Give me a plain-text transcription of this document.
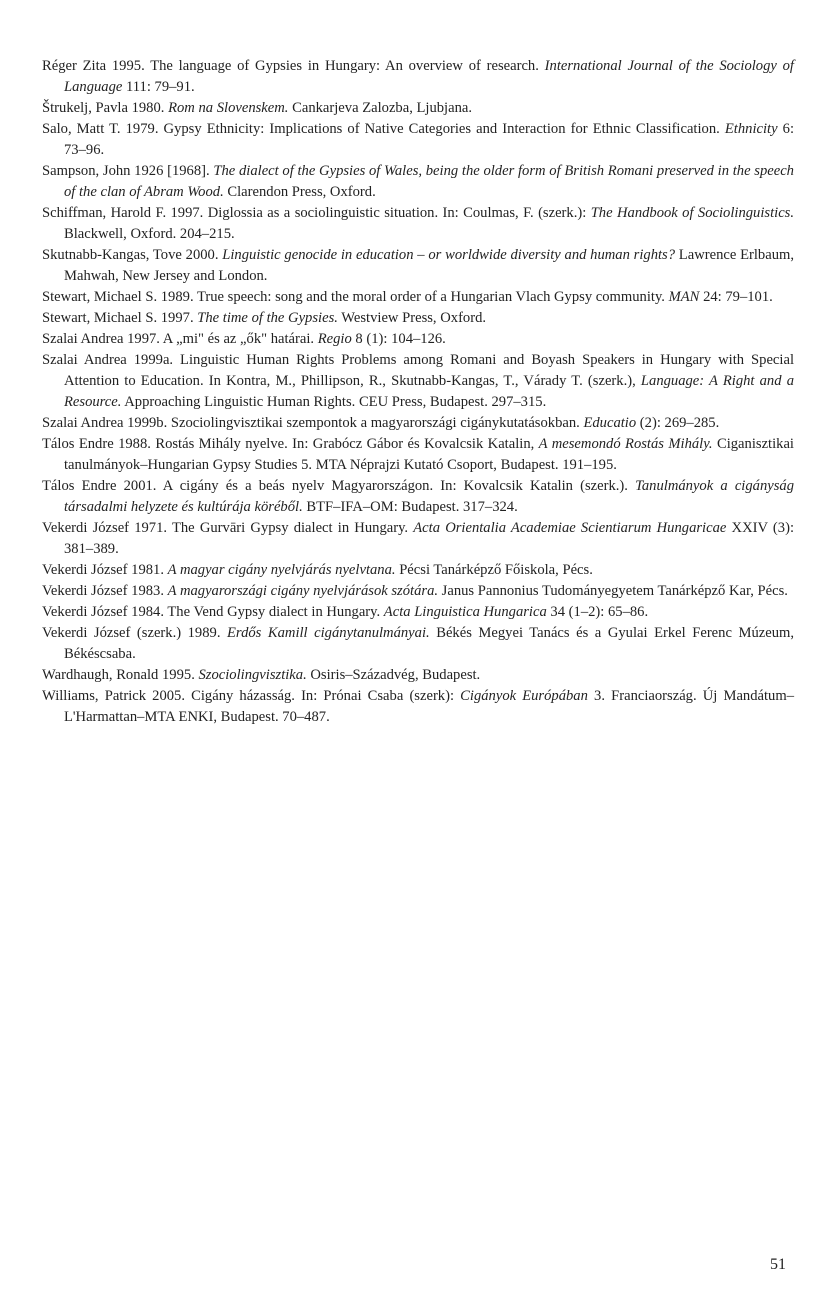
Réger Zita 1995. The language of Gypsies in Hungary: An overview of research. International Journal of the Sociology of Language 111: 79–91.

Štrukelj, Pavla 1980. Rom na Slovenskem. Cankarjeva Zalozba, Ljubjana.

Salo, Matt T. 1979. Gypsy Ethnicity: Implications of Native Categories and Interaction for Ethnic Classification. Ethnicity 6: 73–96.

Sampson, John 1926 [1968]. The dialect of the Gypsies of Wales, being the older form of British Romani preserved in the speech of the clan of Abram Wood. Clarendon Press, Oxford.

Schiffman, Harold F. 1997. Diglossia as a sociolinguistic situation. In: Coulmas, F. (szerk.): The Handbook of Sociolinguistics. Blackwell, Oxford. 204–215.

Skutnabb-Kangas, Tove 2000. Linguistic genocide in education – or worldwide diversity and human rights? Lawrence Erlbaum, Mahwah, New Jersey and London.

Stewart, Michael S. 1989. True speech: song and the moral order of a Hungarian Vlach Gypsy community. MAN 24: 79–101.

Stewart, Michael S. 1997. The time of the Gypsies. Westview Press, Oxford.

Szalai Andrea 1997. A „mi" és az „ők" határai. Regio 8 (1): 104–126.

Szalai Andrea 1999a. Linguistic Human Rights Problems among Romani and Boyash Speakers in Hungary with Special Attention to Education. In Kontra, M., Phillipson, R., Skutnabb-Kangas, T., Várady T. (szerk.), Language: A Right and a Resource. Approaching Linguistic Human Rights. CEU Press, Budapest. 297–315.

Szalai Andrea 1999b. Szociolingvisztikai szempontok a magyarországi cigánykutatásokban. Educatio (2): 269–285.

Tálos Endre 1988. Rostás Mihály nyelve. In: Grabócz Gábor és Kovalcsik Katalin, A mesemondó Rostás Mihály. Ciganisztikai tanulmányok–Hungarian Gypsy Studies 5. MTA Néprajzi Kutató Csoport, Budapest. 191–195.

Tálos Endre 2001. A cigány és a beás nyelv Magyarországon. In: Kovalcsik Katalin (szerk.). Tanulmányok a cigányság társadalmi helyzete és kultúrája köréből. BTF–IFA–OM: Budapest. 317–324.

Vekerdi József 1971. The Gurvāri Gypsy dialect in Hungary. Acta Orientalia Academiae Scientiarum Hungaricae XXIV (3): 381–389.

Vekerdi József 1981. A magyar cigány nyelvjárás nyelvtana. Pécsi Tanárképző Főiskola, Pécs.

Vekerdi József 1983. A magyarországi cigány nyelvjárások szótára. Janus Pannonius Tudományegyetem Tanárképző Kar, Pécs.

Vekerdi József 1984. The Vend Gypsy dialect in Hungary. Acta Linguistica Hungarica 34 (1–2): 65–86.

Vekerdi József (szerk.) 1989. Erdős Kamill cigánytanulmányai. Békés Megyei Tanács és a Gyulai Erkel Ferenc Múzeum, Békéscsaba.

Wardhaugh, Ronald 1995. Szociolingvisztika. Osiris–Századvég, Budapest.

Williams, Patrick 2005. Cigány házasság. In: Prónai Csaba (szerk): Cigányok Európában 3. Franciaország. Új Mandátum–L'Harmattan–MTA ENKI, Budapest. 70–487.

51
